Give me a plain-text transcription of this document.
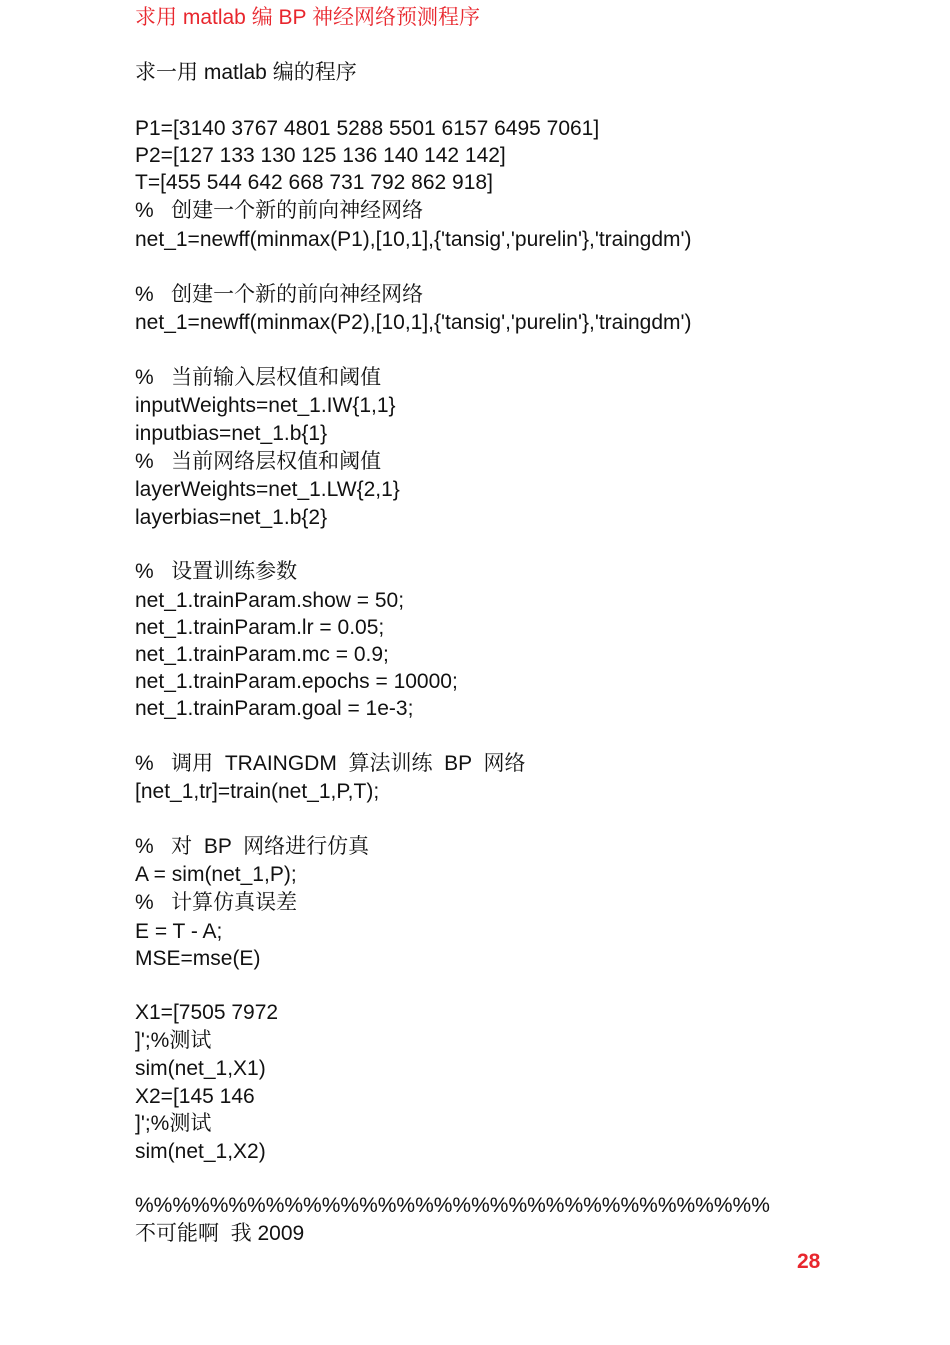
求用 matlab 编 BP 神经网络预测程序
求一用 matlab 编的程序
P1=[3140 3767 4801 5288 5501 6157 6495 7061]
P2=[127 133 130 125 136 140 142 142]
T=[455 544 642 668 731 792 862 918]
%   创建一个新的前向神经网络
net_1=newff(minmax(P1),[10,1],{'tansig','purelin'},'traingdm')
%   创建一个新的前向神经网络
net_1=newff(minmax(P2),[10,1],{'tansig','purelin'},'traingdm')
%   当前输入层权值和阈值
inputWeights=net_1.IW{1,1}
inputbias=net_1.b{1}
%   当前网络层权值和阈值
layerWeights=net_1.LW{2,1}
layerbias=net_1.b{2}
%   设置训练参数
net_1.trainParam.show = 50;
net_1.trainParam.lr = 0.05;
net_1.trainParam.mc = 0.9;
net_1.trainParam.epochs = 10000;
net_1.trainParam.goal = 1e-3;
%   调用  TRAINGDM  算法训练  BP  网络
[net_1,tr]=train(net_1,P,T);
%   对  BP  网络进行仿真
A = sim(net_1,P);
%   计算仿真误差
E = T - A;
MSE=mse(E)
X1=[7505 7972
]';%测试
sim(net_1,X1)
X2=[145 146
]';%测试
sim(net_1,X2)
%%%%%%%%%%%%%%%%%%%%%%%%%%%%%%%%%%
不可能啊  我 2009
28
